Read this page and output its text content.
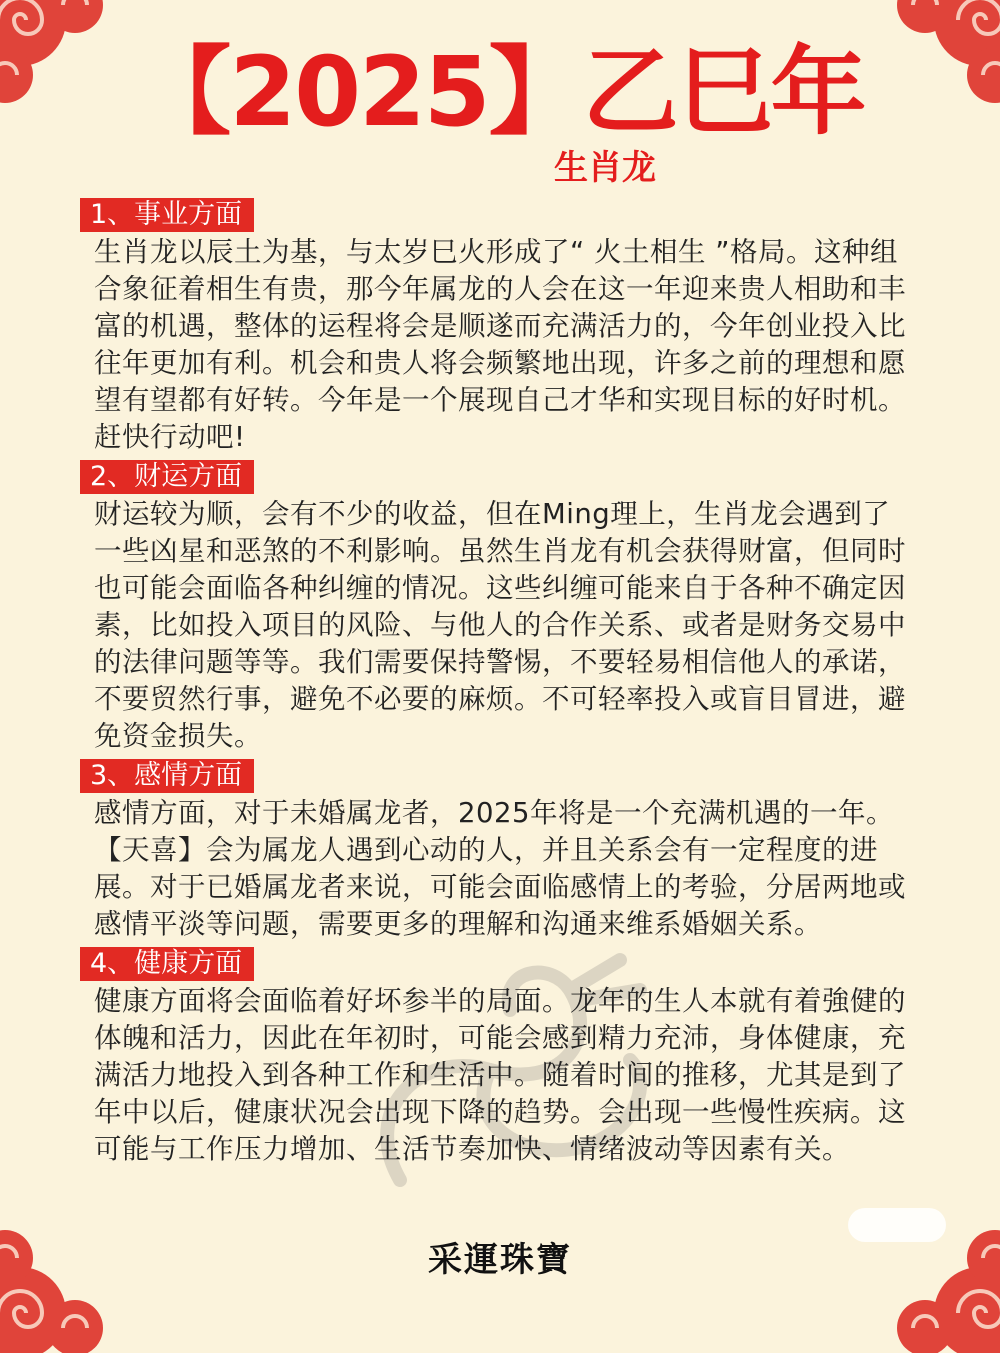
【2025】乙巳年
生肖龙
1、事业方面

生肖龙以辰土为基，与太岁巳火形成了“ 火土相生 ”格局。这种组合象征着相生有贵，那今年属龙的人会在这一年迎来贵人相助和丰富的机遇，整体的运程将会是顺遂而充满活力的，今年创业投入比往年更加有利。机会和贵人将会频繁地出现，许多之前的理想和愿望有望都有好转。今年是一个展现自己才华和实现目标的好时机。赶快行动吧!

2、财运方面

财运较为顺，会有不少的收益，但在Ming理上，生肖龙会遇到了一些凶星和恶煞的不利影响。虽然生肖龙有机会获得财富，但同时也可能会面临各种纠缠的情况。这些纠缠可能来自于各种不确定因素，比如投入项目的风险、与他人的合作关系、或者是财务交易中的法律问题等等。我们需要保持警惕，不要轻易相信他人的承诺，不要贸然行事，避免不必要的麻烦。不可轻率投入或盲目冒进，避免资金损失。

3、感情方面

感情方面，对于未婚属龙者，2025年将是一个充满机遇的一年。【天喜】会为属龙人遇到心动的人，并且关系会有一定程度的进展。对于已婚属龙者来说，可能会面临感情上的考验，分居两地或感情平淡等问题，需要更多的理解和沟通来维系婚姻关系。

4、健康方面

健康方面将会面临着好坏参半的局面。龙年的生人本就有着強健的体魄和活力，因此在年初时，可能会感到精力充沛，身体健康，充满活力地投入到各种工作和生活中。随着时间的推移，尤其是到了年中以后，健康状况会出现下降的趋势。会出现一些慢性疾病。这可能与工作压力增加、生活节奏加快、情绪波动等因素有关。

采運珠寶
